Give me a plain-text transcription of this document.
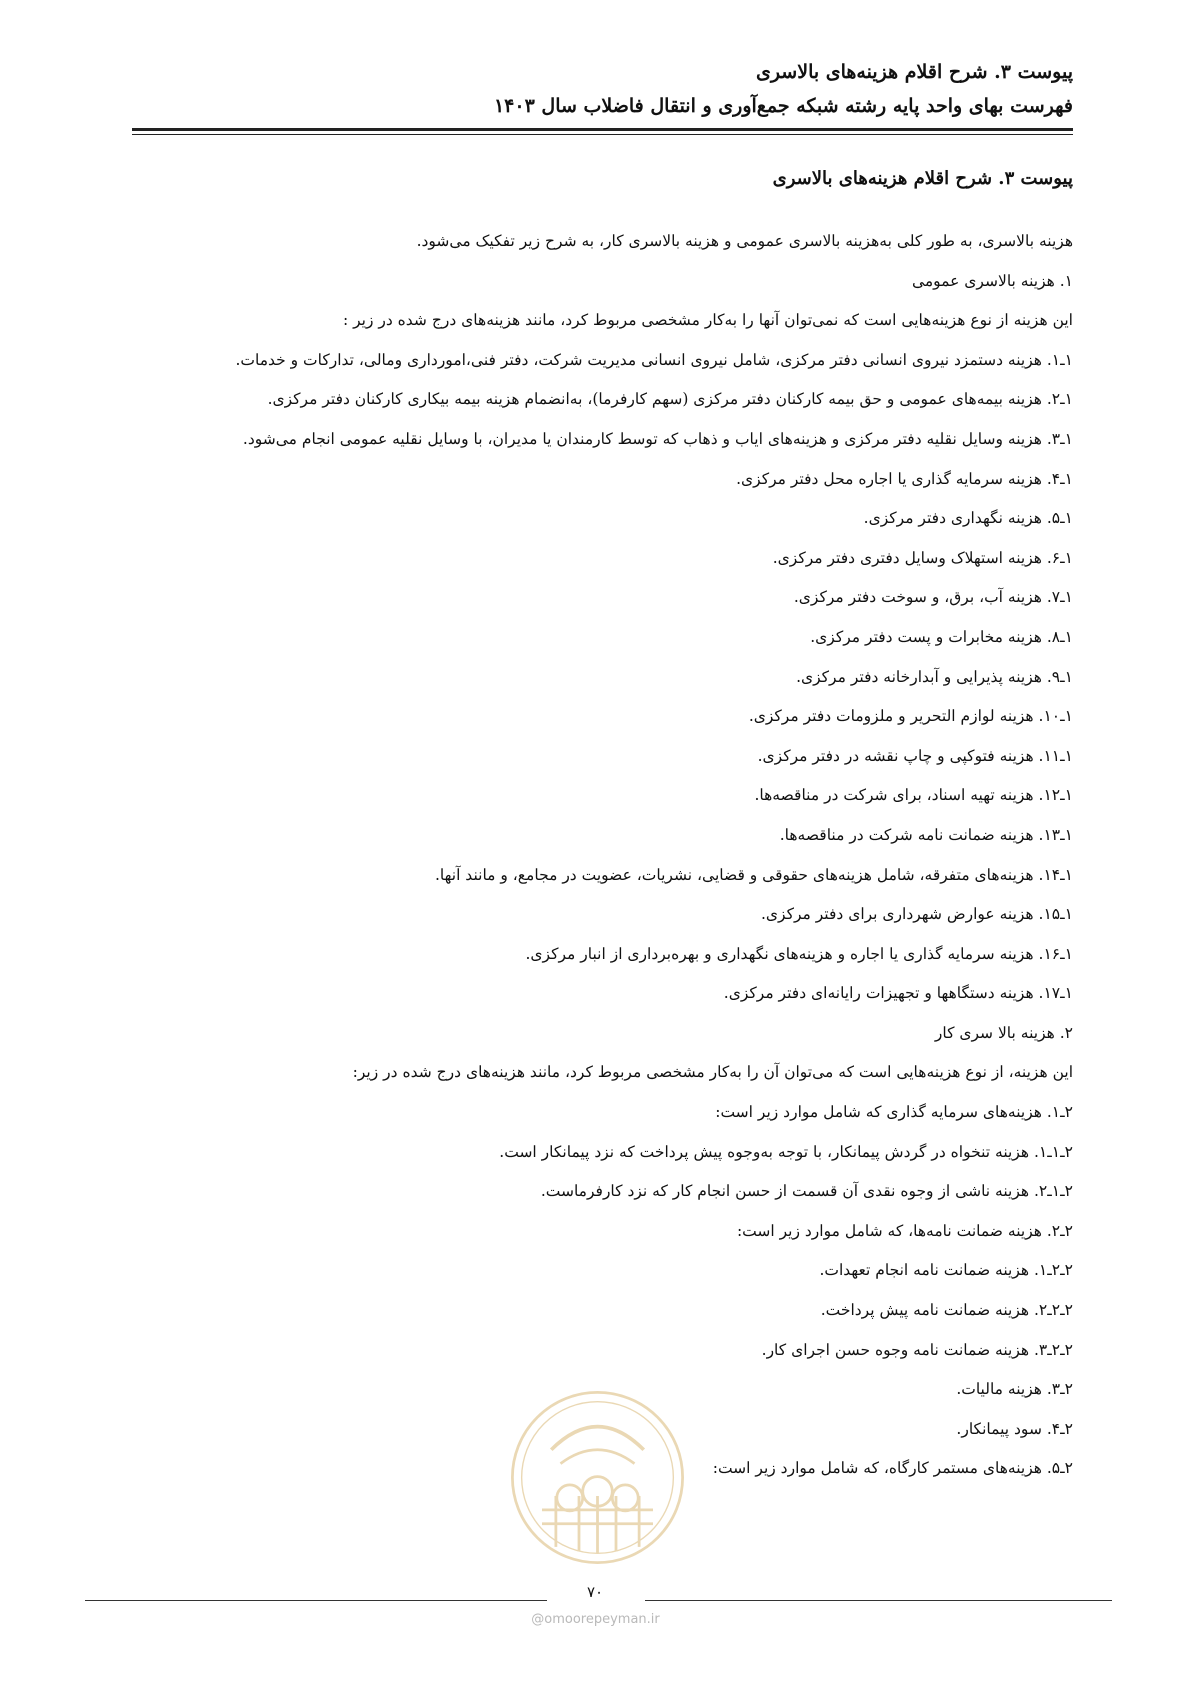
پیوست ۳. شرح اقلام هزینه‌های بالاسری
فهرست بهای واحد پایه رشته شبکه جمع‌آوری و انتقال فاضلاب سال ۱۴۰۳
پیوست ۳. شرح اقلام هزینه‌های بالاسری
هزینه بالاسری، به طور کلی به‌هزینه بالاسری عمومی و هزینه بالاسری کار، به شرح زیر تفکیک می‌شود.
۱. هزینه بالاسری عمومی
این هزینه از نوع هزینه‌هایی است که نمی‌توان آنها را به‌کار مشخصی مربوط کرد، مانند هزینه‌های درج شده در زیر :
۱ـ۱. هزینه دستمزد نیروی انسانی دفتر مرکزی، شامل نیروی انسانی مدیریت شرکت، دفتر فنی،امورداری ومالی، تدارکات و خدمات.
۱ـ۲. هزینه بیمه‌های عمومی و حق بیمه کارکنان دفتر مرکزی (سهم کارفرما)، به‌انضمام هزینه بیمه بیکاری کارکنان دفتر مرکزی.
۱ـ۳. هزینه وسایل نقلیه دفتر مرکزی و هزینه‌های ایاب و ذهاب که توسط کارمندان یا مدیران، با وسایل نقلیه عمومی انجام می‌شود.
۱ـ۴. هزینه سرمایه گذاری یا اجاره محل دفتر مرکزی.
۱ـ۵. هزینه نگهداری دفتر مرکزی.
۱ـ۶. هزینه استهلاک وسایل دفتری دفتر مرکزی.
۱ـ۷. هزینه آب، برق، و سوخت دفتر مرکزی.
۱ـ۸. هزینه مخابرات و پست دفتر مرکزی.
۱ـ۹. هزینه پذیرایی و آبدارخانه دفتر مرکزی.
۱ـ۱۰. هزینه لوازم التحریر و ملزومات دفتر مرکزی.
۱ـ۱۱. هزینه فتوکپی و چاپ نقشه در دفتر مرکزی.
۱ـ۱۲. هزینه تهیه اسناد، برای شرکت در مناقصه‌ها.
۱ـ۱۳. هزینه ضمانت نامه شرکت در مناقصه‌ها.
۱ـ۱۴. هزینه‌های متفرقه، شامل هزینه‌های حقوقی و قضایی، نشریات، عضویت در مجامع، و مانند آنها.
۱ـ۱۵. هزینه عوارض شهرداری برای دفتر مرکزی.
۱ـ۱۶. هزینه سرمایه گذاری یا اجاره و هزینه‌های نگهداری و بهره‌برداری از انبار مرکزی.
۱ـ۱۷. هزینه دستگاهها و تجهیزات رایانه‌ای دفتر مرکزی.
۲. هزینه بالا سری کار
این هزینه، از نوع هزینه‌هایی است که می‌توان آن را به‌کار مشخصی مربوط کرد، مانند هزینه‌های درج شده در زیر:
۲ـ۱. هزینه‌های سرمایه گذاری که شامل موارد زیر است:
۲ـ۱ـ۱. هزینه تنخواه در گردش پیمانکار، با توجه به‌وجوه پیش پرداخت که نزد پیمانکار است.
۲ـ۱ـ۲. هزینه ناشی از وجوه نقدی آن قسمت از حسن انجام کار که نزد کارفرماست.
۲ـ۲. هزینه ضمانت نامه‌ها، که شامل موارد زیر است:
۲ـ۲ـ۱. هزینه ضمانت نامه انجام تعهدات.
۲ـ۲ـ۲. هزینه ضمانت نامه پیش پرداخت.
۲ـ۲ـ۳. هزینه ضمانت نامه وجوه حسن اجرای کار.
۲ـ۳. هزینه مالیات.
۲ـ۴. سود پیمانکار.
۲ـ۵. هزینه‌های مستمر کارگاه، که شامل موارد زیر است:
۷۰
@omoorepeyman.ir
